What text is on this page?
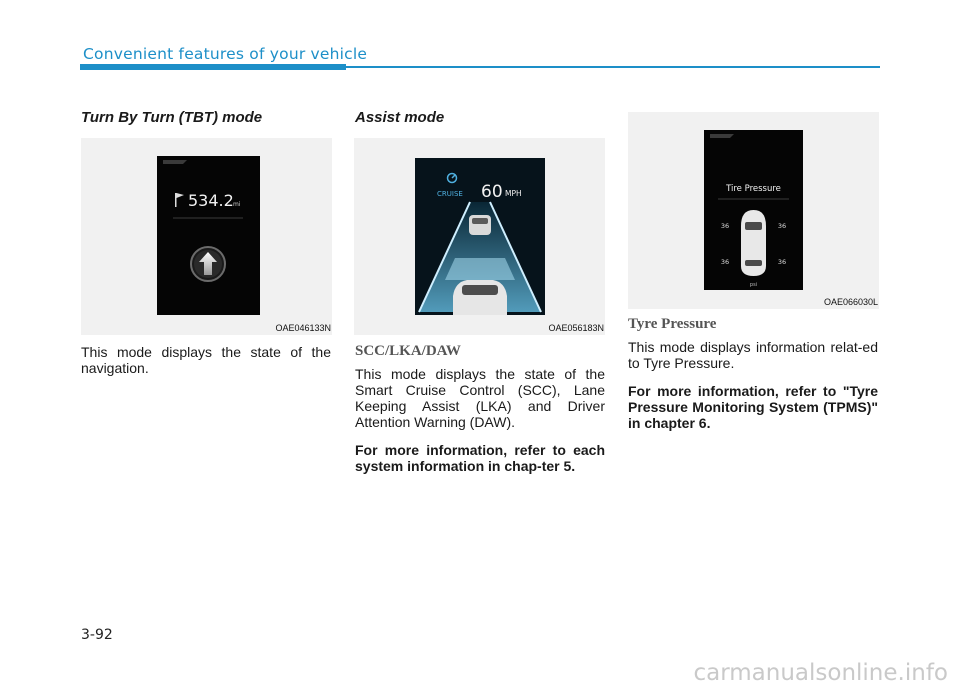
Convenient features of your vehicle
Turn By Turn (TBT) mode
534.2 mi
OAE046133N

This mode displays the state of the navigation.

Assist mode
CRUISE 60 MPH
OAE056183N
SCC/LKA/DAW

This mode displays the state of the Smart Cruise Control (SCC), Lane Keeping Assist (LKA) and Driver Attention Warning (DAW).

For more information, refer to each system information in chap-ter 5.

Tire Pressure
36	36
36	36
psi
OAE066030L
Tyre Pressure

This mode displays information relat-ed to Tyre Pressure.

For more information, refer to "Tyre Pressure Monitoring System (TPMS)" in chapter 6.

3-92
carmanualsonline.info
